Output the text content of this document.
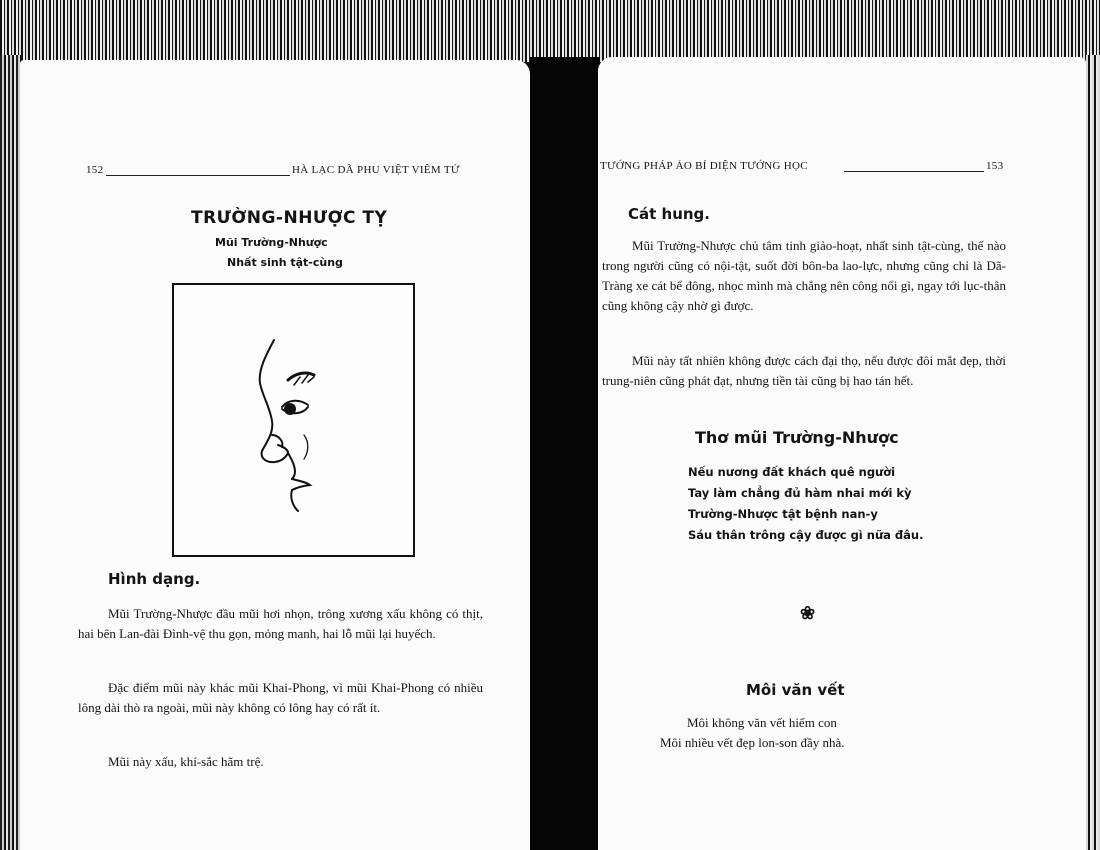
152	HÀ LẠC DÃ PHU VIỆT VIÊM TỬ
TRƯỜNG-NHƯỢC TỴ
Mũi Trường-Nhược
Nhất sinh tật-cùng
Hình dạng.
Mũi Trường-Nhược đầu mũi hơi nhọn, trông xương xấu không có thịt, hai bên Lan-đài Đình-vệ thu gọn, mỏng manh, hai lỗ mũi lại huyếch.
Đặc điểm mũi này khác mũi Khai-Phong, vì mũi Khai-Phong có nhiều lông dài thò ra ngoài, mũi này không có lông hay có rất ít.
Mũi này xấu, khí-sắc hãm trệ.
TƯỚNG PHÁP ẢO BÍ DIỆN TƯỚNG HỌC	153
Cát hung.
Mũi Trường-Nhược chủ tâm tinh giảo-hoạt, nhất sinh tật-cùng, thế nào trong người cũng có nội-tật, suốt đời bôn-ba lao-lực, nhưng cũng chỉ là Dã-Tràng xe cát bể đông, nhọc mình mà chẳng nên công nổi gì, ngay tới lục-thân cũng không cậy nhờ gì được.
Mũi này tất nhiên không được cách đại thọ, nếu được đôi mắt đẹp, thời trung-niên cũng phát đạt, nhưng tiền tài cũng bị hao tán hết.
Thơ mũi Trường-Nhược
Nếu nương đất khách quê người
Tay làm chẳng đủ hàm nhai mới kỳ
Trường-Nhược tật bệnh nan-y
Sáu thân trông cậy được gì nữa đâu.
❀
Môi văn vết
Môi không văn vết hiếm con
Môi nhiều vết đẹp lon-son đầy nhà.
